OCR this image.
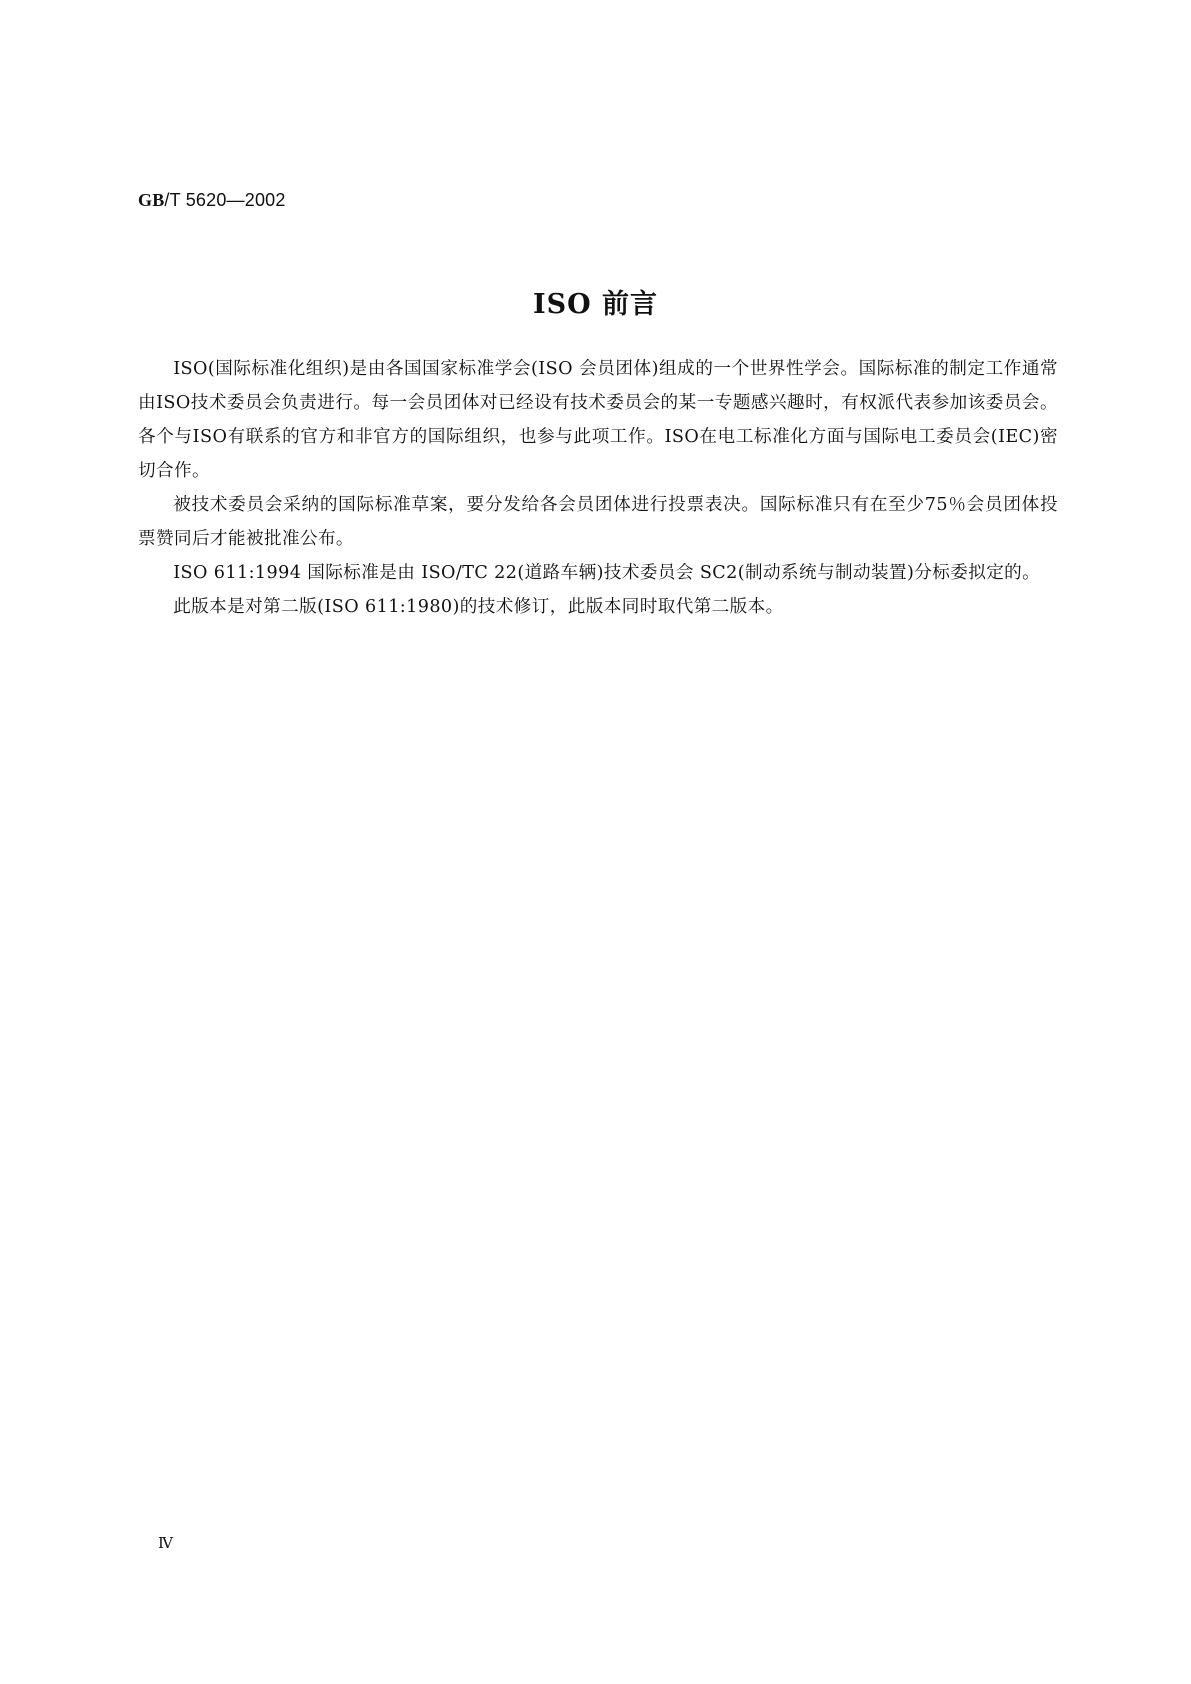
GB/T 5620—2002
ISO 前言

ISO(国际标准化组织)是由各国国家标准学会(ISO 会员团体)组成的一个世界性学会。国际标准的制定工作通常由ISO技术委员会负责进行。每一会员团体对已经设有技术委员会的某一专题感兴趣时，有权派代表参加该委员会。各个与ISO有联系的官方和非官方的国际组织，也参与此项工作。ISO在电工标准化方面与国际电工委员会(IEC)密切合作。

被技术委员会采纳的国际标准草案，要分发给各会员团体进行投票表决。国际标准只有在至少75％会员团体投票赞同后才能被批准公布。

ISO 611:1994 国际标准是由 ISO/TC 22(道路车辆)技术委员会 SC2(制动系统与制动装置)分标委拟定的。

此版本是对第二版(ISO 611:1980)的技术修订，此版本同时取代第二版本。

Ⅳ
